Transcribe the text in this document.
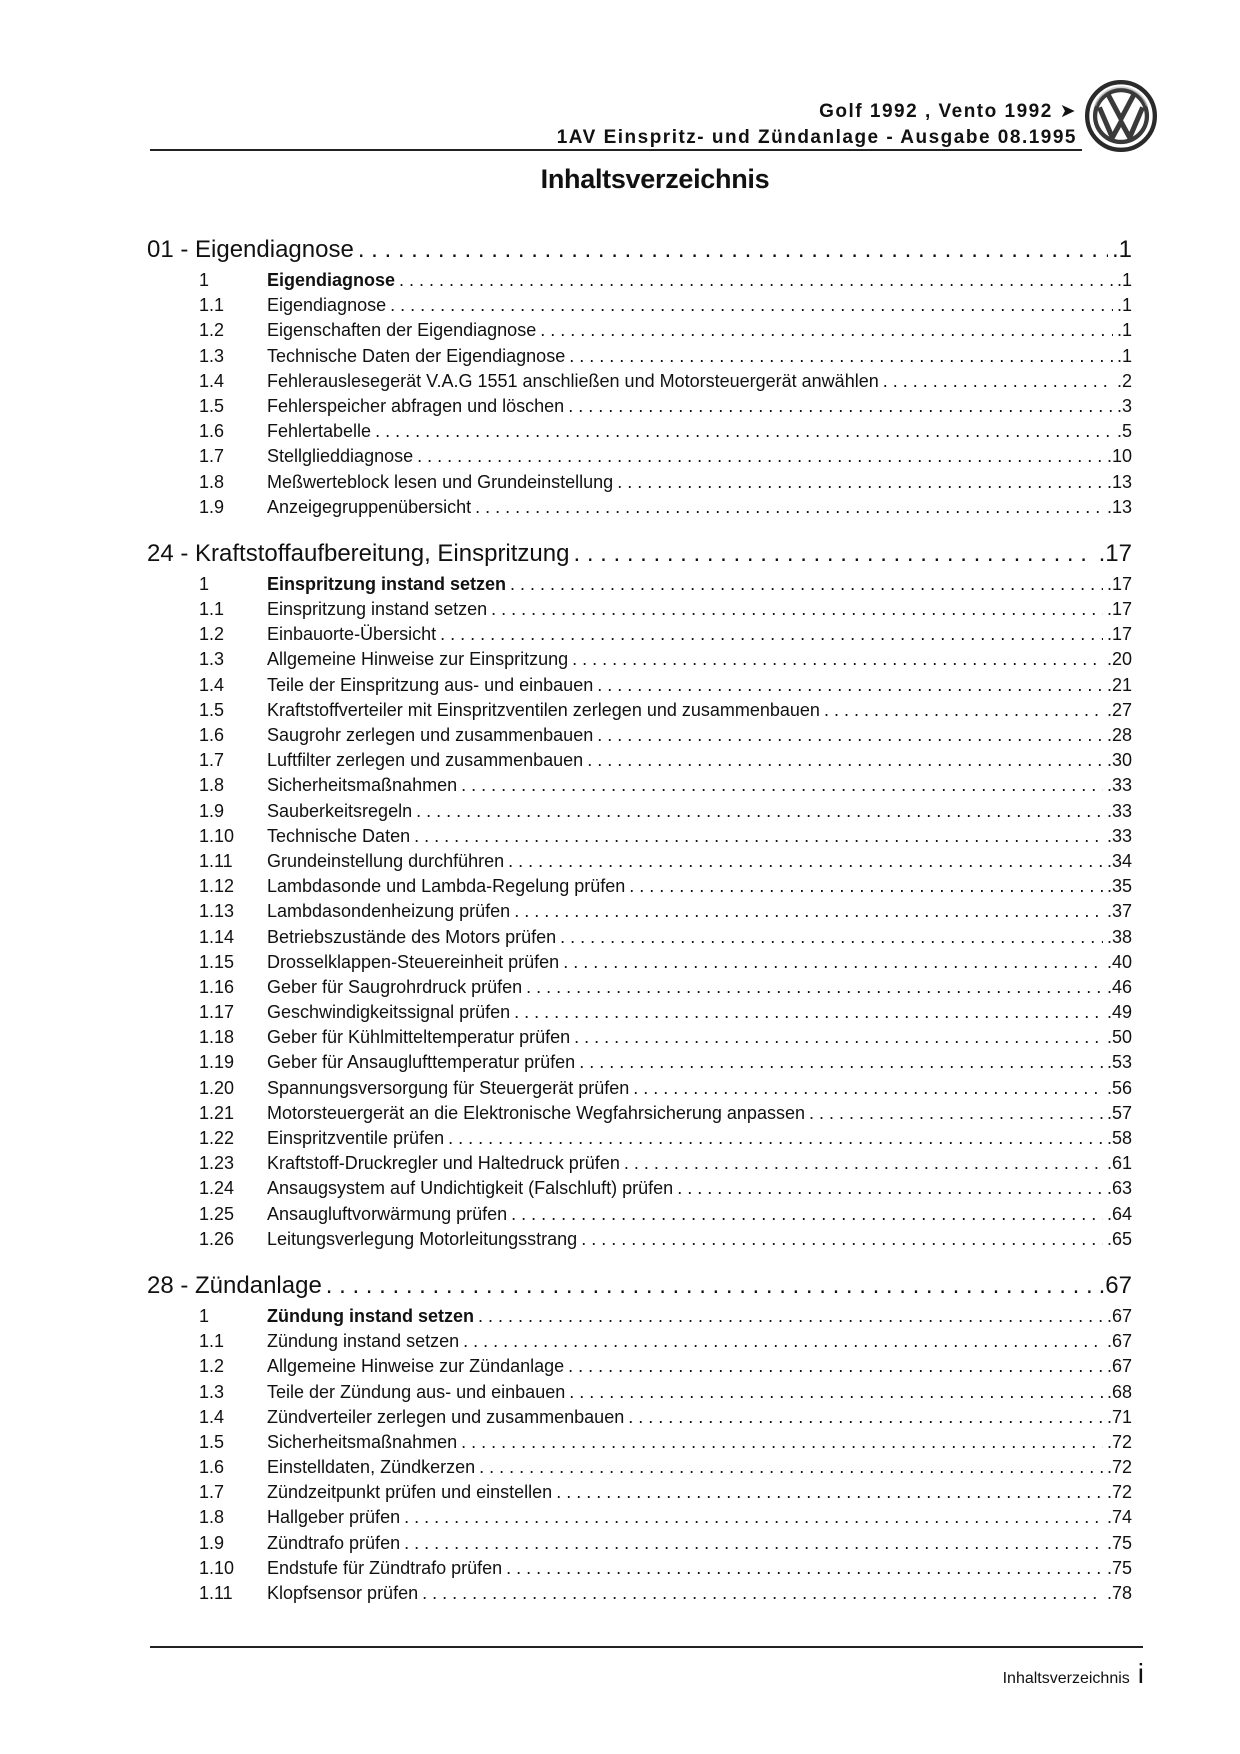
Golf 1992 , Vento 1992 ➤
1AV Einspritz- und Zündanlage - Ausgabe 08.1995
Inhaltsverzeichnis
01 - Eigendiagnose . . .	.1
1	Eigendiagnose . . .	.1
1.1	Eigendiagnose . . .	.1
1.2	Eigenschaften der Eigendiagnose . . .	.1
1.3	Technische Daten der Eigendiagnose . . .	.1
1.4	Fehlerauslesegerät V.A.G 1551 anschließen und Motorsteuergerät anwählen . . .	.2
1.5	Fehlerspeicher abfragen und löschen . . .	.3
1.6	Fehlertabelle . . .	.5
1.7	Stellglieddiagnose . . .	.10
1.8	Meßwerteblock lesen und Grundeinstellung . . .	.13
1.9	Anzeigegruppenübersicht . . .	.13
24 - Kraftstoffaufbereitung, Einspritzung . . .	.17
1	Einspritzung instand setzen . . .	.17
1.1	Einspritzung instand setzen . . .	.17
1.2	Einbauorte-Übersicht . . .	.17
1.3	Allgemeine Hinweise zur Einspritzung . . .	.20
1.4	Teile der Einspritzung aus- und einbauen . . .	.21
1.5	Kraftstoffverteiler mit Einspritzventilen zerlegen und zusammenbauen . . .	.27
1.6	Saugrohr zerlegen und zusammenbauen . . .	.28
1.7	Luftfilter zerlegen und zusammenbauen . . .	.30
1.8	Sicherheitsmaßnahmen . . .	.33
1.9	Sauberkeitsregeln . . .	.33
1.10	Technische Daten . . .	.33
1.11	Grundeinstellung durchführen . . .	.34
1.12	Lambdasonde und Lambda-Regelung prüfen . . .	.35
1.13	Lambdasondenheizung prüfen . . .	.37
1.14	Betriebszustände des Motors prüfen . . .	.38
1.15	Drosselklappen-Steuereinheit prüfen . . .	.40
1.16	Geber für Saugrohrdruck prüfen . . .	.46
1.17	Geschwindigkeitssignal prüfen . . .	.49
1.18	Geber für Kühlmitteltemperatur prüfen . . .	.50
1.19	Geber für Ansauglufttemperatur prüfen . . .	.53
1.20	Spannungsversorgung für Steuergerät prüfen . . .	.56
1.21	Motorsteuergerät an die Elektronische Wegfahrsicherung anpassen . . .	.57
1.22	Einspritzventile prüfen . . .	.58
1.23	Kraftstoff-Druckregler und Haltedruck prüfen . . .	.61
1.24	Ansaugsystem auf Undichtigkeit (Falschluft) prüfen . . .	.63
1.25	Ansaugluftvorwärmung prüfen . . .	.64
1.26	Leitungsverlegung Motorleitungsstrang . . .	.65
28 - Zündanlage . . .	.67
1	Zündung instand setzen . . .	.67
1.1	Zündung instand setzen . . .	.67
1.2	Allgemeine Hinweise zur Zündanlage . . .	.67
1.3	Teile der Zündung aus- und einbauen . . .	.68
1.4	Zündverteiler zerlegen und zusammenbauen . . .	.71
1.5	Sicherheitsmaßnahmen . . .	.72
1.6	Einstelldaten, Zündkerzen . . .	.72
1.7	Zündzeitpunkt prüfen und einstellen . . .	.72
1.8	Hallgeber prüfen . . .	.74
1.9	Zündtrafo prüfen . . .	.75
1.10	Endstufe für Zündtrafo prüfen . . .	.75
1.11	Klopfsensor prüfen . . .	.78
Inhaltsverzeichnis i
